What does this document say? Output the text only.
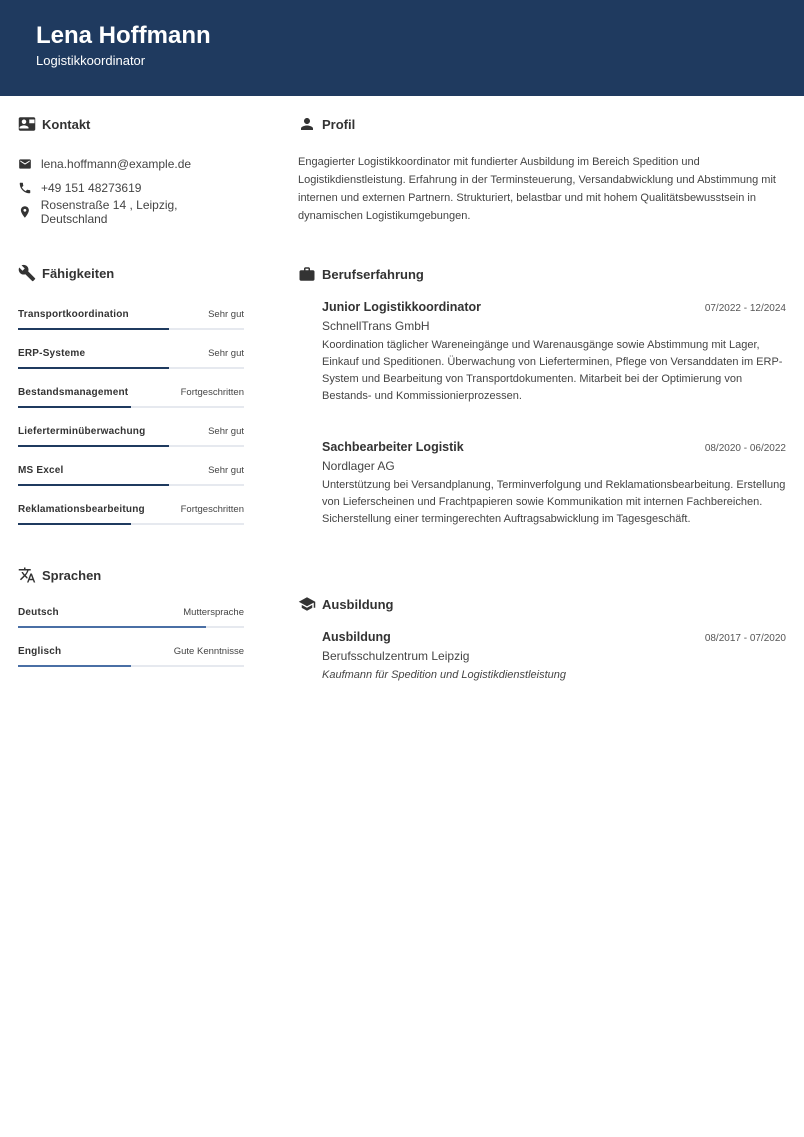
Lena Hoffmann
Logistikkoordinator
Kontakt
lena.hoffmann@example.de
+49 151 48273619
Rosenstraße 14 , Leipzig, Deutschland
Fähigkeiten
Transportkoordination	Sehr gut
ERP-Systeme	Sehr gut
Bestandsmanagement	Fortgeschritten
Lieferterminüberwachung	Sehr gut
MS Excel	Sehr gut
Reklamationsbearbeitung	Fortgeschritten
Sprachen
Deutsch	Muttersprache
Englisch	Gute Kenntnisse
Profil

Engagierter Logistikkoordinator mit fundierter Ausbildung im Bereich Spedition und Logistikdienstleistung. Erfahrung in der Terminsteuerung, Versandabwicklung und Abstimmung mit internen und externen Partnern. Strukturiert, belastbar und mit hohem Qualitätsbewusstsein in dynamischen Logistikumgebungen.

Berufserfahrung
Junior Logistikkoordinator	07/2022 - 12/2024
SchnellTrans GmbH
Koordination täglicher Wareneingänge und Warenausgänge sowie Abstimmung mit Lager, Einkauf und Speditionen. Überwachung von Lieferterminen, Pflege von Versanddaten im ERP-System und Bearbeitung von Transportdokumenten. Mitarbeit bei der Optimierung von Bestands- und Kommissionierprozessen.
Sachbearbeiter Logistik	08/2020 - 06/2022
Nordlager AG
Unterstützung bei Versandplanung, Terminverfolgung und Reklamationsbearbeitung. Erstellung von Lieferscheinen und Frachtpapieren sowie Kommunikation mit internen Fachbereichen. Sicherstellung einer termingerechten Auftragsabwicklung im Tagesgeschäft.
Ausbildung
Ausbildung	08/2017 - 07/2020
Berufsschulzentrum Leipzig
Kaufmann für Spedition und Logistikdienstleistung
